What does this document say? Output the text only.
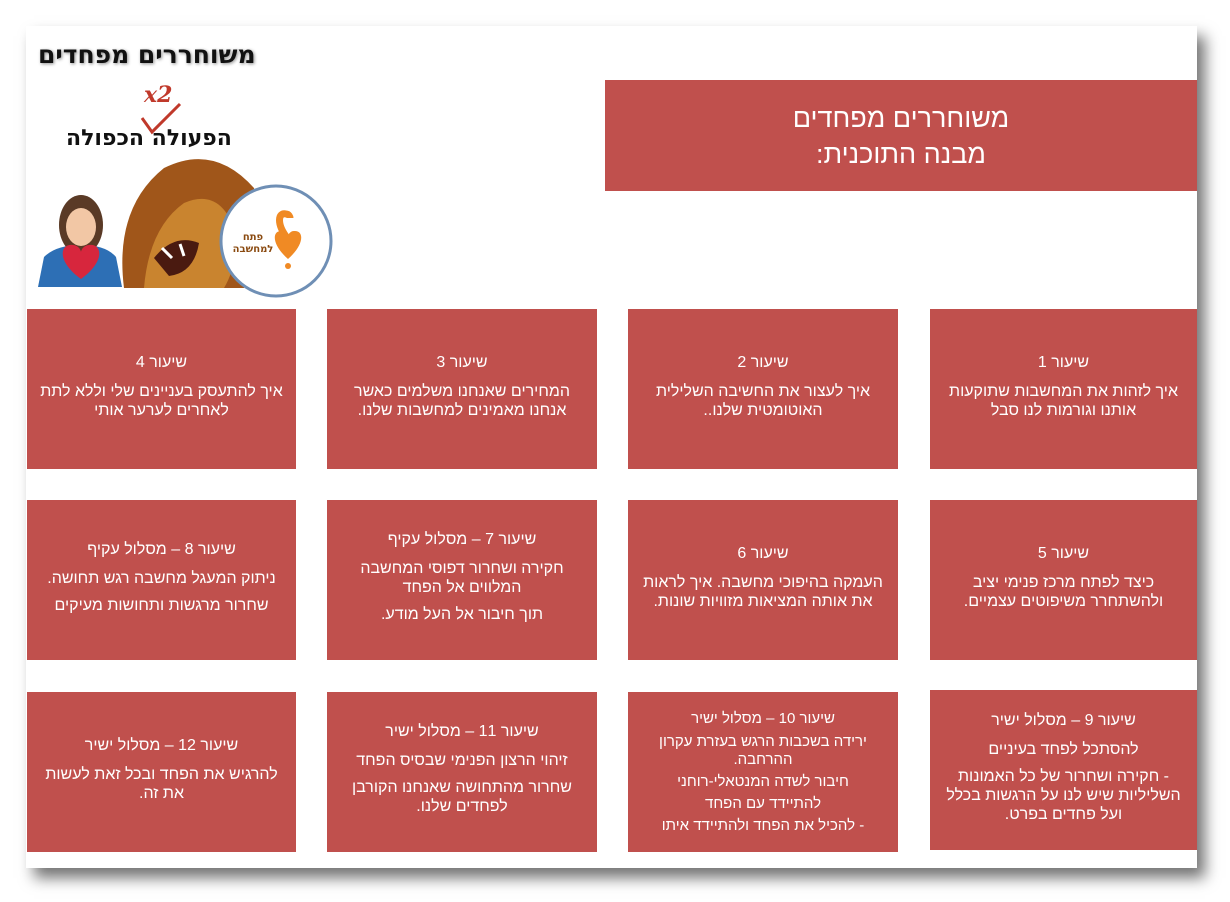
משוחררים מפחדים
x2
הפעולה הכפולה
פתח
למחשבה
משוחררים מפחדים
מבנה התוכנית:
שיעור 1
איך לזהות את המחשבות שתוקעות אותנו וגורמות לנו סבל
שיעור 2
איך לעצור את החשיבה השלילית האוטומטית שלנו..
שיעור 3
המחירים שאנחנו משלמים כאשר אנחנו מאמינים למחשבות שלנו.
שיעור 4
איך להתעסק בעניינים שלי וללא לתת לאחרים לערער אותי
שיעור 5
כיצד לפתח מרכז פנימי יציב ולהשתחרר משיפוטים עצמיים.
שיעור 6
העמקה בהיפוכי מחשבה. איך לראות את אותה המציאות מזוויות שונות.
שיעור 7 – מסלול עקיף
חקירה ושחרור דפוסי המחשבה המלווים אל הפחד
תוך חיבור אל העל מודע.
שיעור 8 – מסלול עקיף
ניתוק המעגל מחשבה רגש תחושה.
שחרור מרגשות ותחושות מעיקים
שיעור 9 – מסלול ישיר
להסתכל לפחד בעיניים
- חקירה ושחרור של כל האמונות השליליות שיש לנו על הרגשות בכלל ועל פחדים בפרט.
שיעור 10 – מסלול ישיר
ירידה בשכבות הרגש בעזרת עקרון ההרחבה.
חיבור לשדה המנטאלי-רוחני
להתיידד עם הפחד
- להכיל את הפחד ולהתיידד איתו
שיעור 11 – מסלול ישיר
זיהוי הרצון הפנימי שבסיס הפחד
שחרור מהתחושה שאנחנו הקורבן לפחדים שלנו.
שיעור 12 – מסלול ישיר
להרגיש את הפחד ובכל זאת לעשות את זה.
